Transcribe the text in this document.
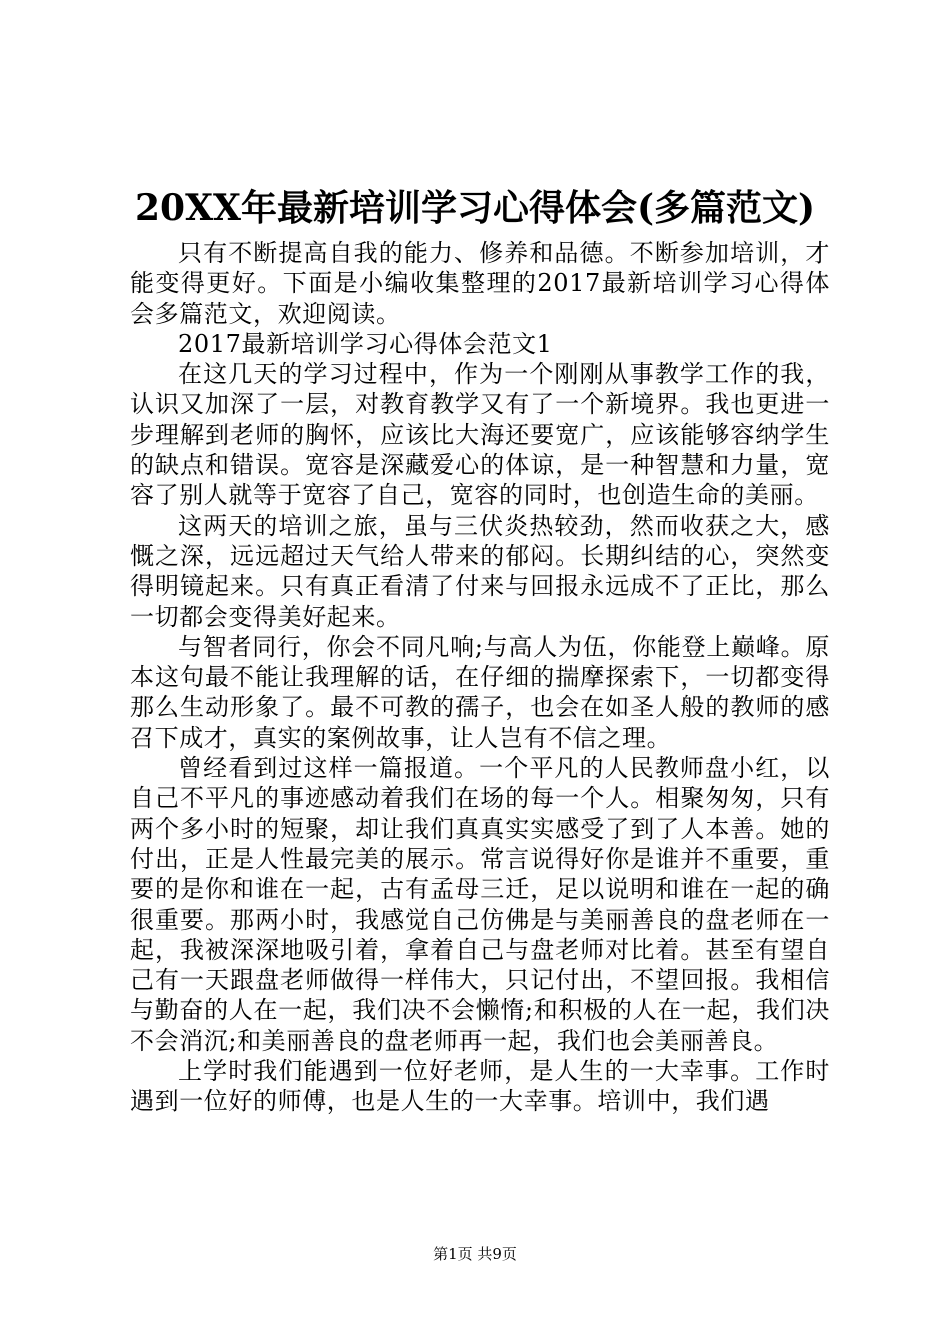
20XX年最新培训学习心得体会(多篇范文)

只有不断提高自我的能力、修养和品德。不断参加培训，才能变得更好。下面是小编收集整理的2017最新培训学习心得体会多篇范文，欢迎阅读。

2017最新培训学习心得体会范文1

在这几天的学习过程中，作为一个刚刚从事教学工作的我，认识又加深了一层，对教育教学又有了一个新境界。我也更进一步理解到老师的胸怀，应该比大海还要宽广，应该能够容纳学生的缺点和错误。宽容是深藏爱心的体谅，是一种智慧和力量，宽容了别人就等于宽容了自己，宽容的同时，也创造生命的美丽。

这两天的培训之旅，虽与三伏炎热较劲，然而收获之大，感慨之深，远远超过天气给人带来的郁闷。长期纠结的心，突然变得明镜起来。只有真正看清了付来与回报永远成不了正比，那么一切都会变得美好起来。

与智者同行，你会不同凡响;与高人为伍，你能登上巅峰。原本这句最不能让我理解的话，在仔细的揣摩探索下，一切都变得那么生动形象了。最不可教的孺子，也会在如圣人般的教师的感召下成才，真实的案例故事，让人岂有不信之理。

曾经看到过这样一篇报道。一个平凡的人民教师盘小红，以自己不平凡的事迹感动着我们在场的每一个人。相聚匆匆，只有两个多小时的短聚，却让我们真真实实感受了到了人本善。她的付出，正是人性最完美的展示。常言说得好你是谁并不重要，重要的是你和谁在一起，古有孟母三迁，足以说明和谁在一起的确很重要。那两小时，我感觉自己仿佛是与美丽善良的盘老师在一起，我被深深地吸引着，拿着自己与盘老师对比着。甚至有望自己有一天跟盘老师做得一样伟大，只记付出，不望回报。我相信与勤奋的人在一起，我们决不会懒惰;和积极的人在一起，我们决不会消沉;和美丽善良的盘老师再一起，我们也会美丽善良。

上学时我们能遇到一位好老师，是人生的一大幸事。工作时遇到一位好的师傅，也是人生的一大幸事。培训中，我们遇

第1页 共9页
